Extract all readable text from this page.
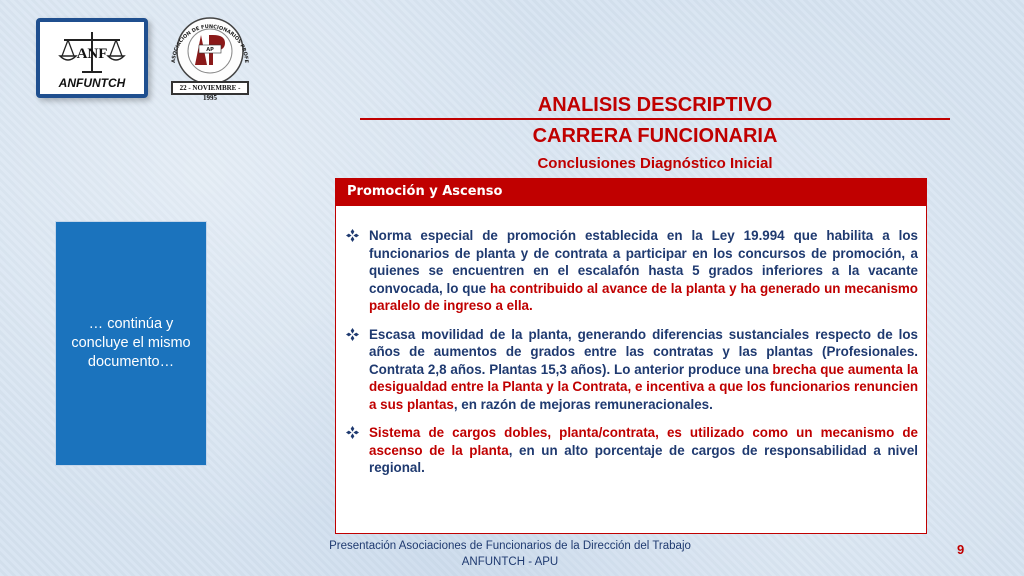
ANF
ANFUNTCH
ASOCIACION DE FUNCIONARIOS PROFE
AP
22 - NOVIEMBRE - 1995	ANALISIS DESCRIPTIVO
CARRERA FUNCIONARIA
Conclusiones Diagnóstico Inicial
… continúa y concluye el mismo documento…
Promoción y Ascenso
Norma especial de promoción establecida en la Ley 19.994 que habilita a los funcionarios de planta y de contrata a participar en los concursos de promoción, a quienes se encuentren en el escalafón hasta 5 grados inferiores a la vacante convocada, lo que ha contribuido al avance de la planta y ha generado un mecanismo paralelo de ingreso a ella.
Escasa movilidad de la planta, generando diferencias sustanciales respecto de los años de aumentos de grados entre las contratas y las plantas (Profesionales. Contrata 2,8 años. Plantas 15,3 años). Lo anterior produce una brecha que aumenta la desigualdad entre la Planta y la Contrata, e incentiva a que los funcionarios renuncien a sus plantas, en razón de mejoras remuneracionales.
Sistema de cargos dobles, planta/contrata, es utilizado como un mecanismo de ascenso de la planta, en un alto porcentaje de cargos de responsabilidad a nivel regional.
Presentación Asociaciones de Funcionarios de la Dirección del Trabajo
ANFUNTCH - APU
9
